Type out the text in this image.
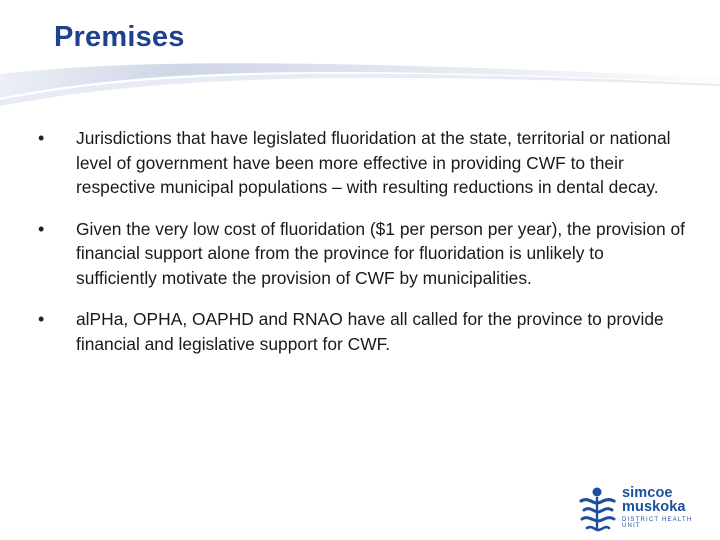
Premises
• Jurisdictions that have legislated fluoridation at the state, territorial or national level of government have been more effective in providing CWF to their respective municipal populations – with resulting reductions in dental decay.
• Given the very low cost of fluoridation ($1 per person per year), the provision of financial support alone from the province for fluoridation is unlikely to sufficiently motivate the provision of CWF by municipalities.
• alPHa, OPHA, OAPHD and RNAO have all called for the province to provide financial and legislative support for CWF.
simcoe
muskoka
DISTRICT HEALTH UNIT
